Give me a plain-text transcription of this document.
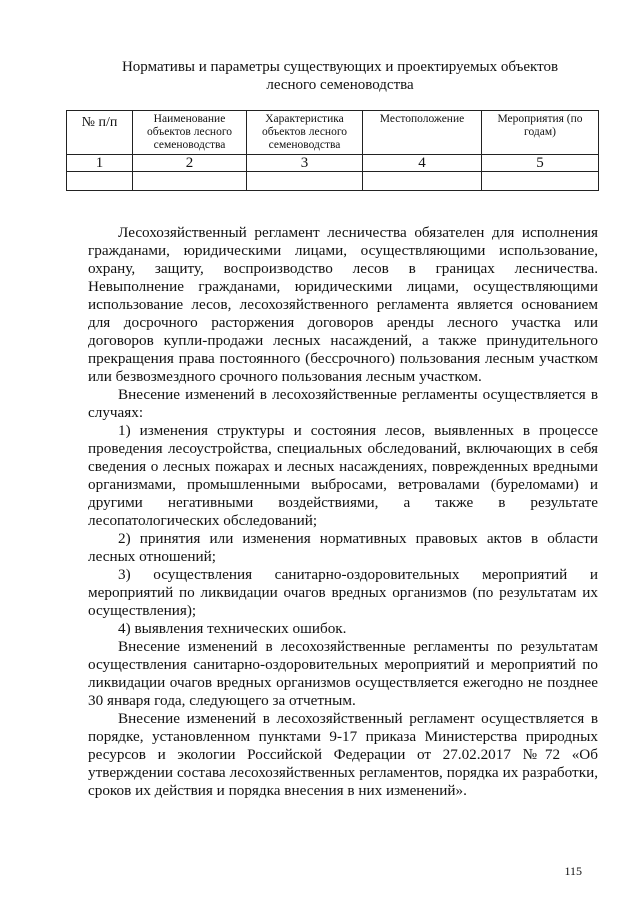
Нормативы и параметры существующих и проектируемых объектов
лесного семеноводства
№ п/п	Наименование объектов лесного семеноводства	Характеристика объектов лесного семеноводства	Местоположение	Мероприятия (по годам)
1	2	3	4	5

Лесохозяйственный регламент лесничества обязателен для исполнения гражданами, юридическими лицами, осуществляющими использование, охрану, защиту, воспроизводство лесов в границах лесничества. Невыполнение гражданами, юридическими лицами, осуществляющими использование лесов, лесохозяйственного регламента является основанием для досрочного расторжения договоров аренды лесного участка или договоров купли-продажи лесных насаждений, а также принудительного прекращения права постоянного (бессрочного) пользования лесным участком или безвозмездного срочного пользования лесным участком.

Внесение изменений в лесохозяйственные регламенты осуществляется в случаях:

1) изменения структуры и состояния лесов, выявленных в процессе проведения лесоустройства, специальных обследований, включающих в себя сведения о лесных пожарах и лесных насаждениях, поврежденных вредными организмами, промышленными выбросами, ветровалами (буреломами) и другими негативными воздействиями, а также в результате лесопатологических обследований;

2) принятия или изменения нормативных правовых актов в области лесных отношений;

3) осуществления санитарно-оздоровительных мероприятий и мероприятий по ликвидации очагов вредных организмов (по результатам их осуществления);

4) выявления технических ошибок.

Внесение изменений в лесохозяйственные регламенты по результатам осуществления санитарно-оздоровительных мероприятий и мероприятий по ликвидации очагов вредных организмов осуществляется ежегодно не позднее 30 января года, следующего за отчетным.

Внесение изменений в лесохозяйственный регламент осуществляется в порядке, установленном пунктами 9-17 приказа Министерства природных ресурсов и экологии Российской Федерации от 27.02.2017 №72 «Об утверждении состава лесохозяйственных регламентов, порядка их разработки, сроков их действия и порядка внесения в них изменений».

115
